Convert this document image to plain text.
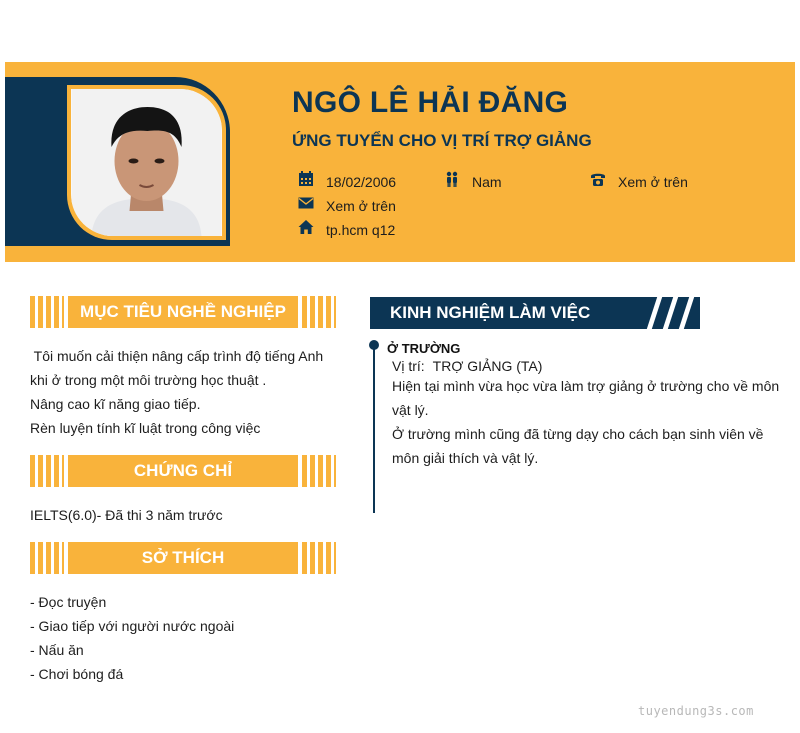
NGÔ LÊ HẢI ĐĂNG
ỨNG TUYỂN CHO VỊ TRÍ TRỢ GIẢNG
18/02/2006	Nam	Xem ở trên
Xem ở trên
tp.hcm q12
MỤC TIÊU NGHỀ NGHIỆP
Tôi muốn cải thiện nâng cấp trình độ tiếng Anh
khi ở trong một môi trường học thuật .
Nâng cao kĩ năng giao tiếp.
Rèn luyện tính kĩ luật trong công việc
CHỨNG CHỈ
IELTS(6.0)- Đã thi 3 năm trước
SỞ THÍCH
- Đọc truyện
- Giao tiếp với người nước ngoài
- Nấu ăn
- Chơi bóng đá
KINH NGHIỆM LÀM VIỆC
Ở TRƯỜNG
Vị trí: TRỢ GIẢNG (TA)
Hiện tại mình vừa học vừa làm trợ giảng ở trường cho về môn
vật lý.
Ở trường mình cũng đã từng dạy cho cách bạn sinh viên về
môn giải thích và vật lý.
tuyendung3s.com
